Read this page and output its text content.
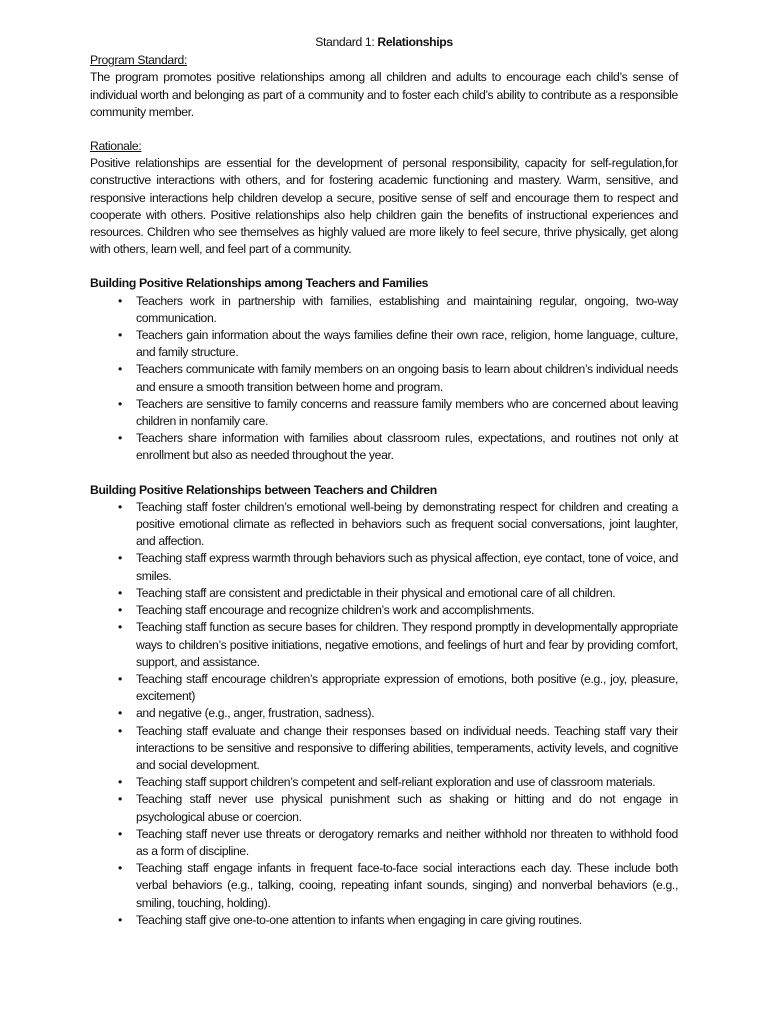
Standard 1: Relationships

Program Standard:

The program promotes positive relationships among all children and adults to encourage each child’s sense of individual worth and belonging as part of a community and to foster each child’s ability to contribute as a responsible community member.

Rationale:

Positive relationships are essential for the development of personal responsibility, capacity for self-regulation,for constructive interactions with others, and for fostering academic functioning and mastery. Warm, sensitive, and responsive interactions help children develop a secure, positive sense of self and encourage them to respect and cooperate with others. Positive relationships also help children gain the benefits of instructional experiences and resources. Children who see themselves as highly valued are more likely to feel secure, thrive physically, get along with others, learn well, and feel part of a community.

Building Positive Relationships among Teachers and Families

•	Teachers work in partnership with families, establishing and maintaining regular, ongoing, two-way communication.
•	Teachers gain information about the ways families define their own race, religion, home language, culture, and family structure.
•	Teachers communicate with family members on an ongoing basis to learn about children’s individual needs and ensure a smooth transition between home and program.
•	Teachers are sensitive to family concerns and reassure family members who are concerned about leaving children in nonfamily care.
•	Teachers share information with families about classroom rules, expectations, and routines not only at enrollment but also as needed throughout the year.

Building Positive Relationships between Teachers and Children

•	Teaching staff foster children’s emotional well-being by demonstrating respect for children and creating a positive emotional climate as reflected in behaviors such as frequent social conversations, joint laughter, and affection.
•	Teaching staff express warmth through behaviors such as physical affection, eye contact, tone of voice, and smiles.
•	Teaching staff are consistent and predictable in their physical and emotional care of all children.
•	Teaching staff encourage and recognize children’s work and accomplishments.
•	Teaching staff function as secure bases for children. They respond promptly in developmentally appropriate ways to children’s positive initiations, negative emotions, and feelings of hurt and fear by providing comfort, support, and assistance.
•	Teaching staff encourage children’s appropriate expression of emotions, both positive (e.g., joy, pleasure, excitement)
•	and negative (e.g., anger, frustration, sadness).
•	Teaching staff evaluate and change their responses based on individual needs. Teaching staff vary their interactions to be sensitive and responsive to differing abilities, temperaments, activity levels, and cognitive and social development.
•	Teaching staff support children’s competent and self-reliant exploration and use of classroom materials.
•	Teaching staff never use physical punishment such as shaking or hitting and do not engage in psychological abuse or coercion.
•	Teaching staff never use threats or derogatory remarks and neither withhold nor threaten to withhold food as a form of discipline.
•	Teaching staff engage infants in frequent face-to-face social interactions each day. These include both verbal behaviors (e.g., talking, cooing, repeating infant sounds, singing) and nonverbal behaviors (e.g., smiling, touching, holding).
•	Teaching staff give one-to-one attention to infants when engaging in care giving routines.
